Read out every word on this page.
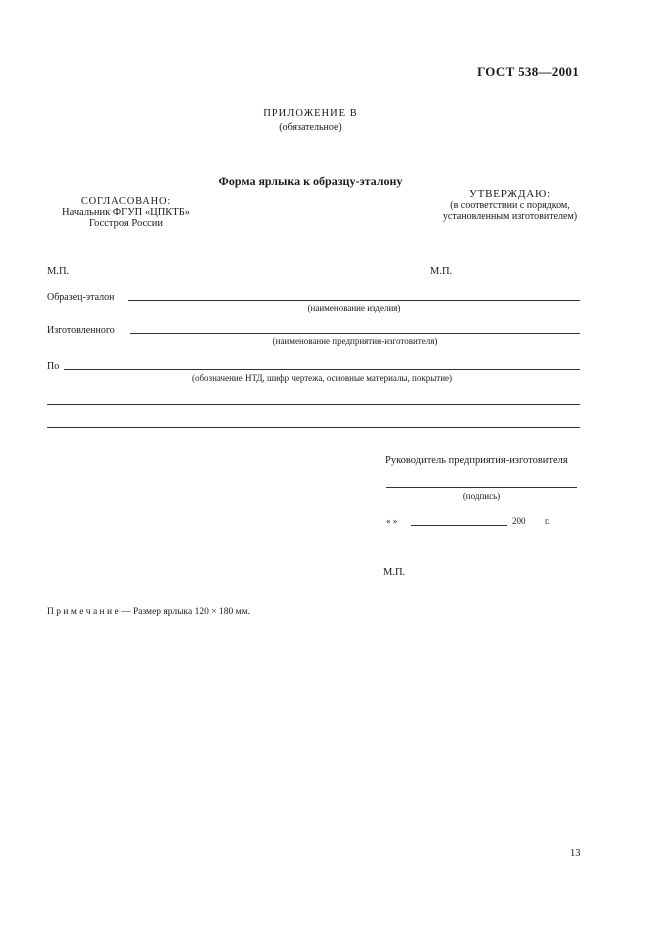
ГОСТ 538—2001
ПРИЛОЖЕНИЕ В
(обязательное)
Форма ярлыка к образцу-эталону
СОГЛАСОВАНО:
Начальник ФГУП «ЦПКТБ»
Госстроя России
УТВЕРЖДАЮ:
(в соответствии с порядком,
установленным изготовителем)
М.П.	М.П.
Образец-эталон
(наименование изделия)
Изготовленного
(наименование предприятия-изготовителя)
По
(обозначение НТД, шифр чертежа, основные материалы, покрытие)
Руководитель предприятия-изготовителя
(подпись)
« »	200 г.
М.П.
П р и м е ч а н и е — Размер ярлыка 120 × 180 мм.
13
